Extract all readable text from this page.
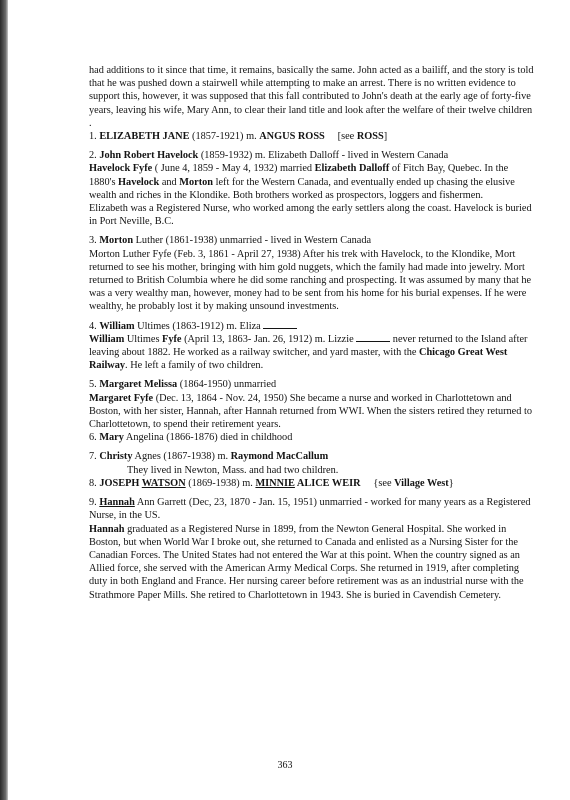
had additions to it since that time, it remains, basically the same. John acted as a bailiff, and the story is told that he was pushed down a stairwell while attempting to make an arrest. There is no written evidence to support this, however, it was supposed that this fall contributed to John's death at the early age of forty-five years, leaving his wife, Mary Ann, to clear their land title and look after the welfare of their twelve children .

1. ELIZABETH JANE (1857-1921) m. ANGUS ROSS [see ROSS]

2. John Robert Havelock (1859-1932) m. Elizabeth Dalloff - lived in Western Canada
Havelock Fyfe ( June 4, 1859 - May 4, 1932) married Elizabeth Dalloff of Fitch Bay, Quebec. In the 1880's Havelock and Morton left for the Western Canada, and eventually ended up chasing the elusive wealth and riches in the Klondike. Both brothers worked as prospectors, loggers and fishermen.

Elizabeth was a Registered Nurse, who worked among the early settlers along the coast. Havelock is buried in Port Neville, B.C.

3. Morton Luther (1861-1938) unmarried - lived in Western Canada

Morton Luther Fyfe (Feb. 3, 1861 - April 27, 1938) After his trek with Havelock, to the Klondike, Mort returned to see his mother, bringing with him gold nuggets, which the family had made into jewelry. Mort returned to British Columbia where he did some ranching and prospecting. It was assumed by many that he was a very wealthy man, however, money had to be sent from his home for his burial expenses. If he were wealthy, he probably lost it by making unsound investments.

4. William Ultimes (1863-1912) m. Eliza

William Ultimes Fyfe (April 13, 1863- Jan. 26, 1912) m. Lizzie	never returned to the Island after leaving about 1882. He worked as a railway switcher, and yard master, with the Chicago Great West Railway. He left a family of two children.

5. Margaret Melissa (1864-1950) unmarried

Margaret Fyfe (Dec. 13, 1864 - Nov. 24, 1950) She became a nurse and worked in Charlottetown and Boston, with her sister, Hannah, after Hannah returned from WWI. When the sisters retired they returned to Charlottetown, to spend their retirement years.

6. Mary Angelina (1866-1876) died in childhood

7. Christy Agnes (1867-1938) m. Raymond MacCallum

They lived in Newton, Mass. and had two children.

8. JOSEPH WATSON (1869-1938) m. MINNIE ALICE WEIR {see Village West}

9. Hannah Ann Garrett (Dec, 23, 1870 - Jan. 15, 1951) unmarried - worked for many years as a Registered Nurse, in the US.

Hannah graduated as a Registered Nurse in 1899, from the Newton General Hospital. She worked in Boston, but when World War I broke out, she returned to Canada and enlisted as a Nursing Sister for the Canadian Forces. The United States had not entered the War at this point. When the country signed as an Allied force, she served with the American Army Medical Corps. She returned in 1919, after completing duty in both England and France. Her nursing career before retirement was as an industrial nurse with the Strathmore Paper Mills. She retired to Charlottetown in 1943. She is buried in Cavendish Cemetery.

363
